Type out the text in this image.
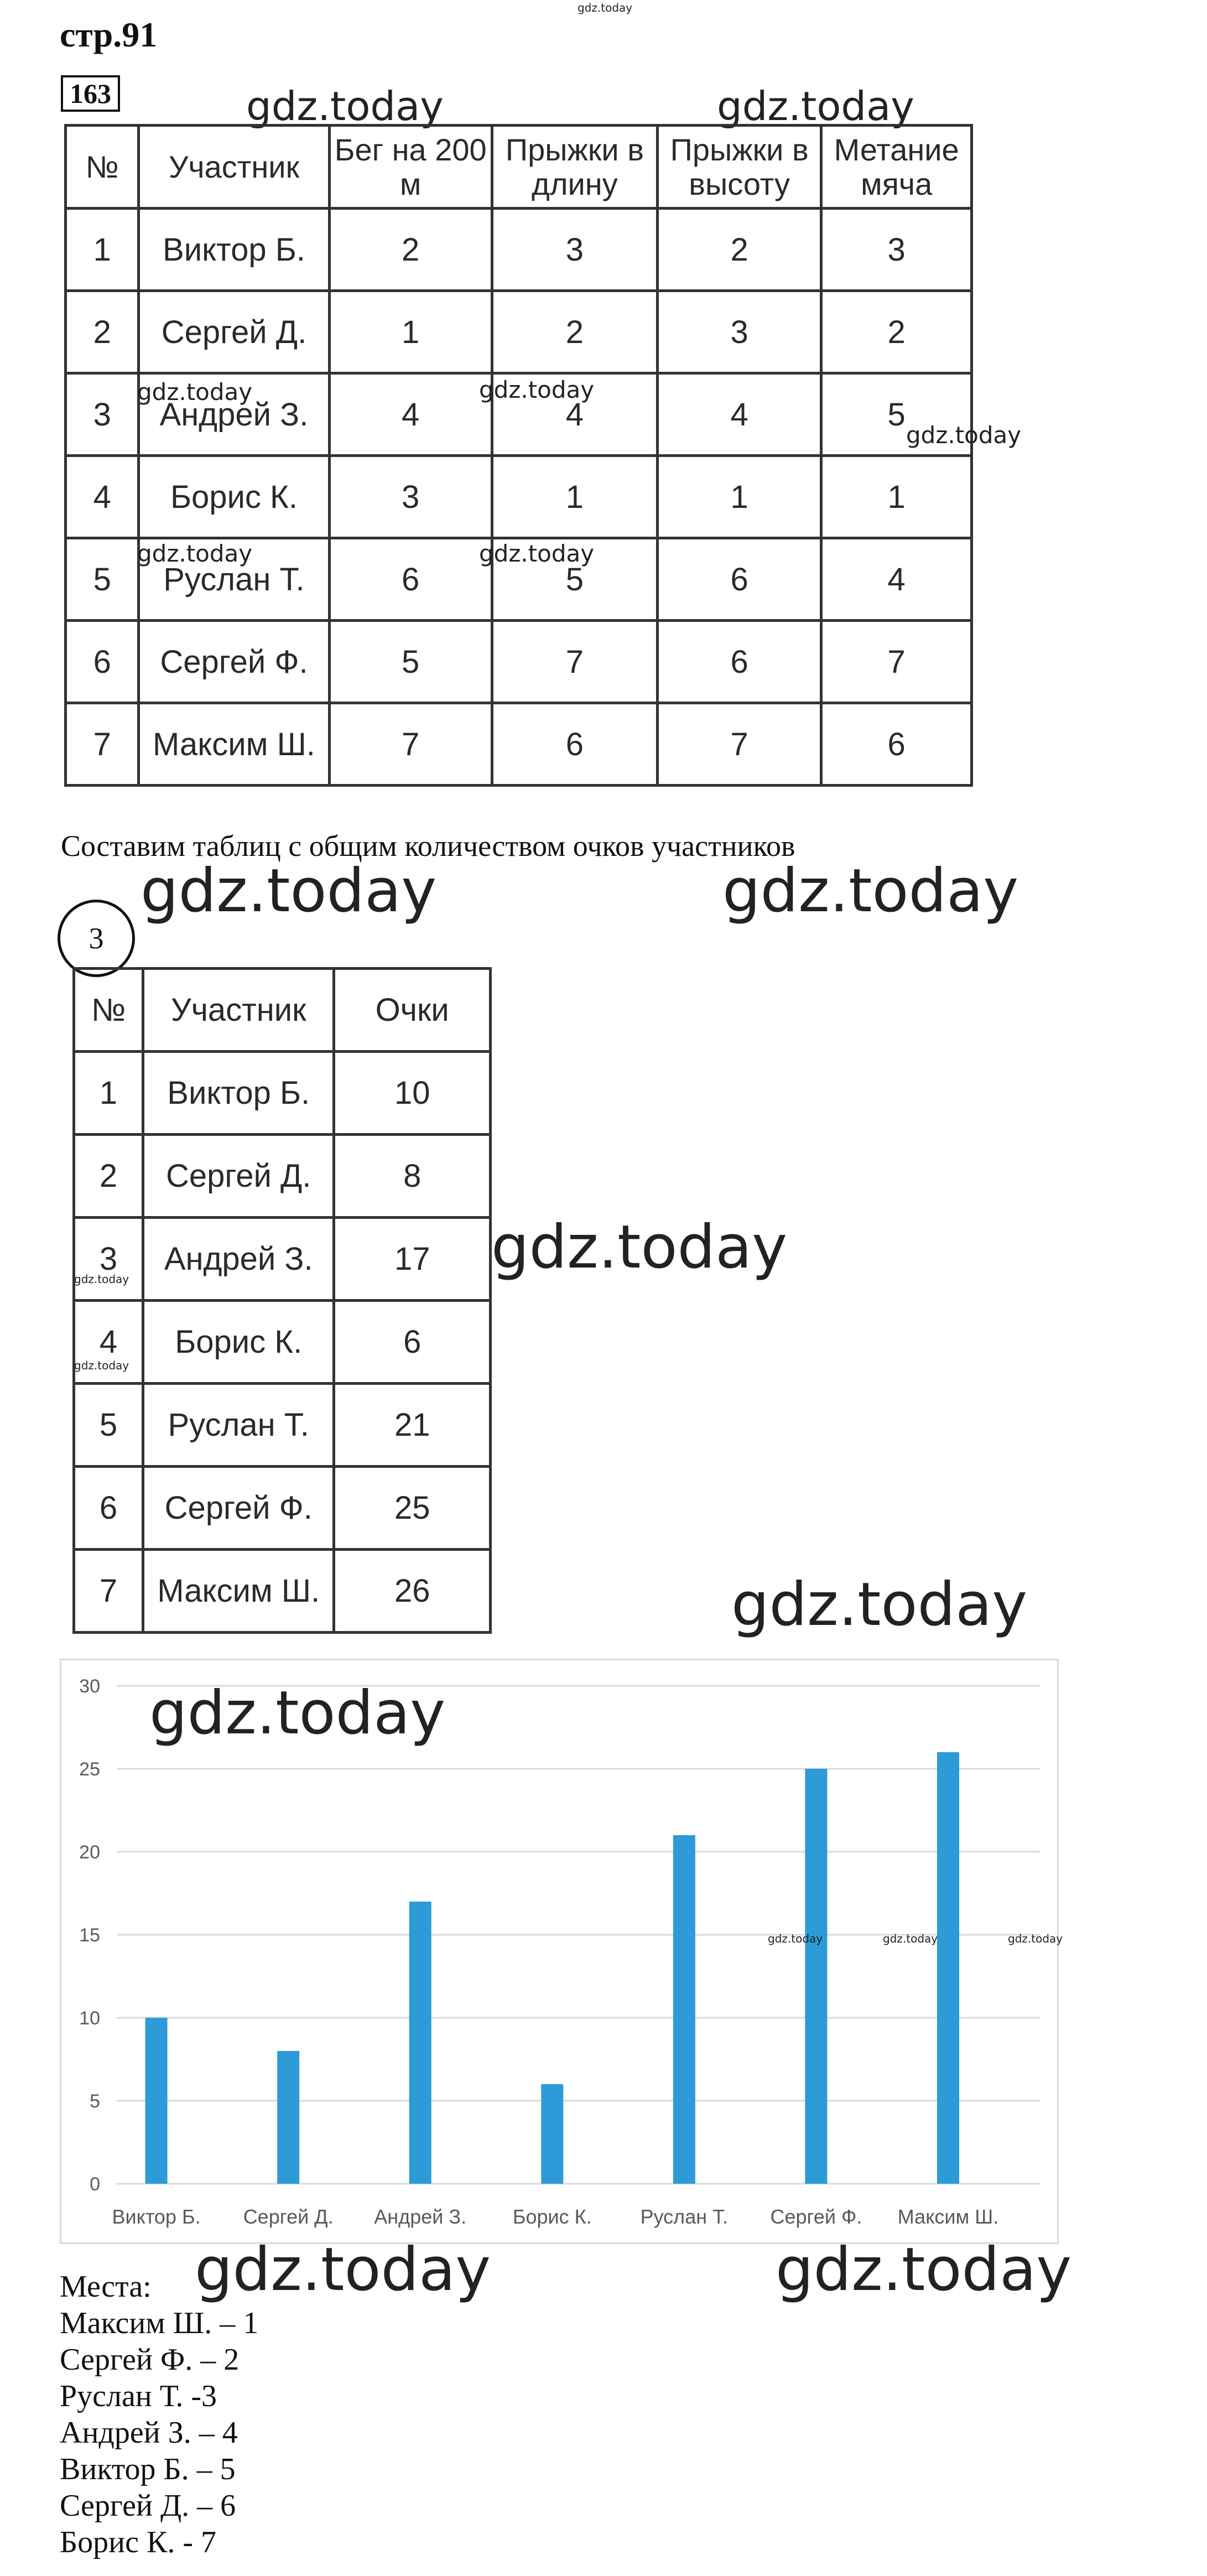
стр.91
163
gdz.today
gdz.today	gdz.today
№	Участник	Бег на 200 м	Прыжки в длину	Прыжки в высоту	Метание мяча
1	Виктор Б.	2	3	2	3
2	Сергей Д.	1	2	3	2
3	Андрей З.	4	4	4	5
4	Борис К.	3	1	1	1
5	Руслан Т.	6	5	6	4
6	Сергей Ф.	5	7	6	7
7	Максим Ш.	7	6	7	6
gdz.today	gdz.today
gdz.today
gdz.today	gdz.today
Составим таблиц с общим количеством очков участников
gdz.today	gdz.today
3
№	Участник	Очки
1	Виктор Б.	10
2	Сергей Д.	8
3	Андрей З.	17
4	Борис К.	6
5	Руслан Т.	21
6	Сергей Ф.	25
7	Максим Ш.	26
gdz.today
gdz.today
gdz.today
gdz.today
0
5
10
15
20
25
30
Виктор Б. Сергей Д. Андрей З. Борис К. Руслан Т. Сергей Ф. Максим Ш.
gdz.today
gdz.today	gdz.today	gdz.today
Места:
Максим Ш. – 1
Сергей Ф. – 2
Руслан Т. -3
Андрей З. – 4
Виктор Б. – 5
Сергей Д. – 6
Борис К. - 7
gdz.today	gdz.today
